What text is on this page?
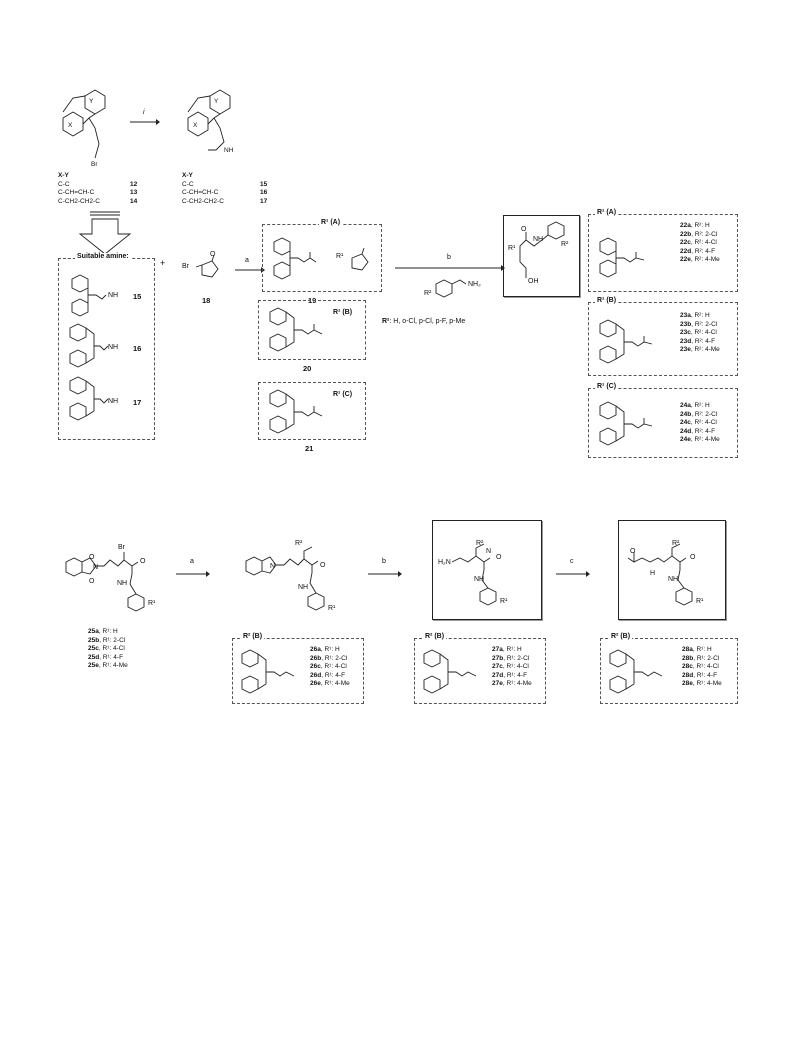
Y
X
Br
i
Y
X
NH
X-Y
C-C	12
C-CH=CH-C	13
C-CH2-CH2-C	14
X-Y
C-C	15
C-CH=CH-C	16
C-CH2-CH2-C	17
Suitable amine:
NH 15
NH 16
NH 17
+ Br
O
18
a
R¹ (A)
R¹
19
R¹ (B)
20
R¹ (C)
21
b
R²
NH₂
R²: H, o-Cl, p-Cl, p-F, p-Me
O
NH
R¹
R²
OH
R¹ (A)
22a, R²: H
22b, R²: 2-Cl
22c, R²: 4-Cl
22d, R²: 4-F
22e, R²: 4-Me
R¹ (B)
23a, R²: H
23b, R²: 2-Cl
23c, R²: 4-Cl
23d, R²: 4-F
23e, R²: 4-Me
R¹ (C)
24a, R²: H
24b, R²: 2-Cl
24c, R²: 4-Cl
24d, R²: 4-F
24e, R²: 4-Me
Br
O
N
O
O
NH
R¹
25a, R¹: H
25b, R¹: 2-Cl
25c, R¹: 4-Cl
25d, R¹: 4-F
25e, R¹: 4-Me
a
R²
N
NH
O
R¹
R² (B)
26a, R¹: H
26b, R¹: 2-Cl
26c, R¹: 4-Cl
26d, R¹: 4-F
26e, R¹: 4-Me
b	H₂N
R²
N
O
NH
R¹
R² (B)
27a, R¹: H
27b, R¹: 2-Cl
27c, R¹: 4-Cl
27d, R¹: 4-F
27e, R¹: 4-Me
c
O
H
R²
O
NH
R¹
R² (B)
28a, R¹: H
28b, R¹: 2-Cl
28c, R¹: 4-Cl
28d, R¹: 4-F
28e, R¹: 4-Me
